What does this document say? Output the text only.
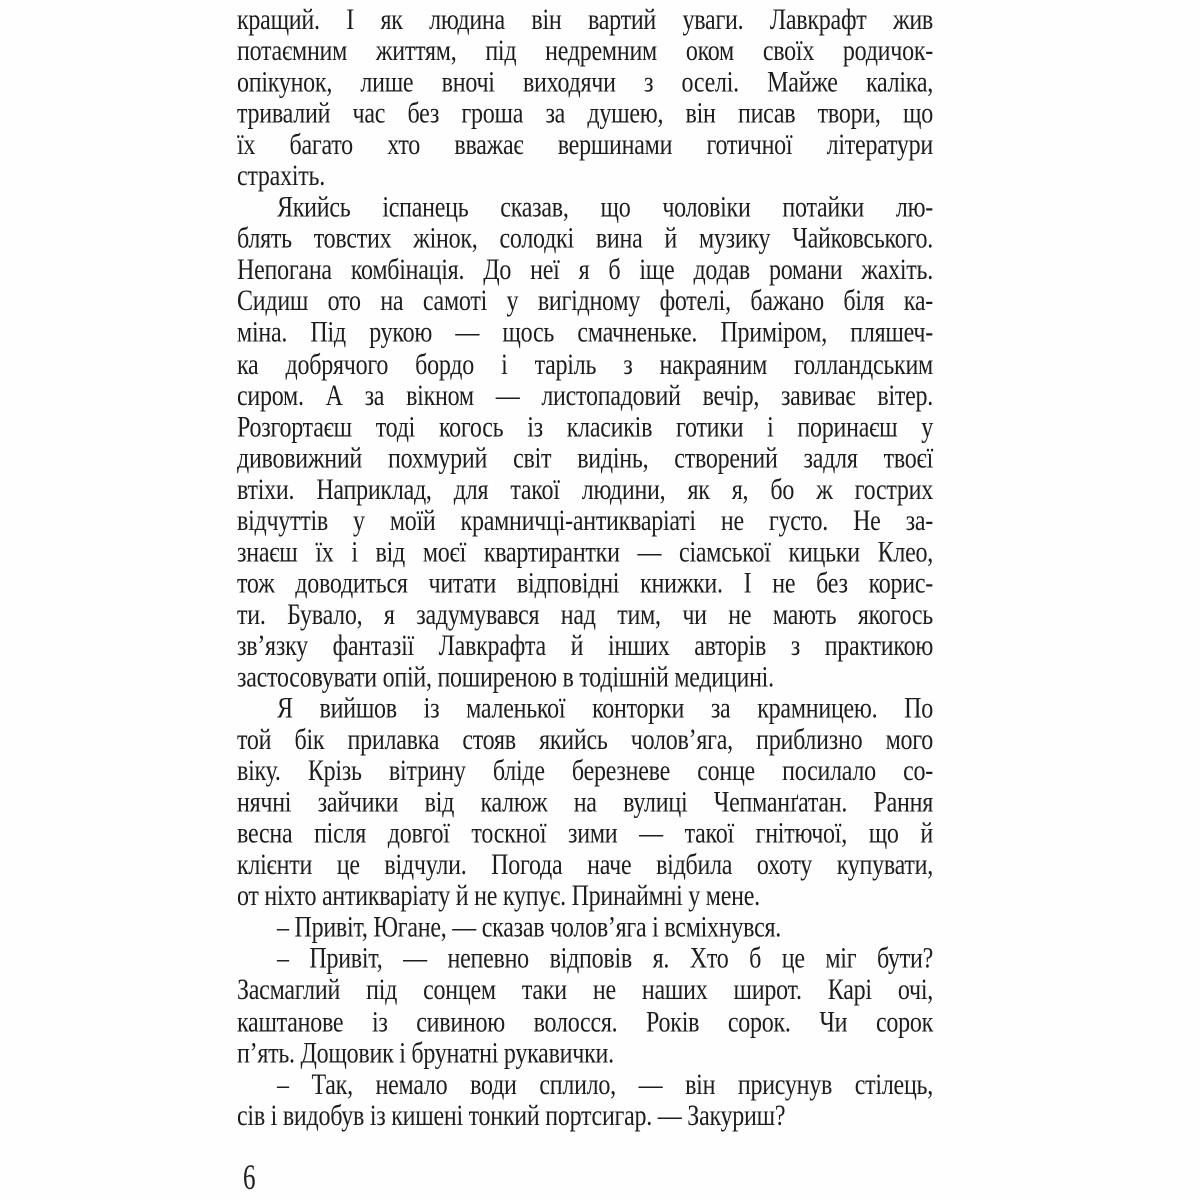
кращий. І як людина він вартий уваги. Лавкрафт жив
потаємним життям, під недремним оком своїх родичок-
опікунок, лише вночі виходячи з оселі. Майже каліка,
тривалий час без гроша за душею, він писав твори, що
їх багато хто вважає вершинами готичної літератури
страхіть.
Якийсь іспанець сказав, що чоловіки потайки лю-
блять товстих жінок, солодкі вина й музику Чайковського.
Непогана комбінація. До неї я б іще додав романи жахіть.
Сидиш ото на самоті у вигідному фотелі, бажано біля ка-
міна. Під рукою — щось смачненьке. Приміром, пляшеч-
ка добрячого бордо і таріль з накраяним голландським
сиром. А за вікном — листопадовий вечір, завиває вітер.
Розгортаєш тоді когось із класиків готики і поринаєш у
дивовижний похмурий світ видінь, створений задля твоєї
втіхи. Наприклад, для такої людини, як я, бо ж гострих
відчуттів у моїй крамничці-антикваріаті не густо. Не за-
знаєш їх і від моєї квартирантки — сіамської кицьки Клео,
тож доводиться читати відповідні книжки. І не без корис-
ти. Бувало, я задумувався над тим, чи не мають якогось
зв’язку фантазії Лавкрафта й інших авторів з практикою
застосовувати опій, поширеною в тодішній медицині.
Я вийшов із маленької конторки за крамницею. По
той бік прилавка стояв якийсь чолов’яга, приблизно мого
віку. Крізь вітрину бліде березневе сонце посилало со-
нячні зайчики від калюж на вулиці Чепманґатан. Рання
весна після довгої тоскної зими — такої гнітючої, що й
клієнти це відчули. Погода наче відбила охоту купувати,
от ніхто антикваріату й не купує. Принаймні у мене.
– Привіт, Югане, — сказав чолов’яга і всміхнувся.
– Привіт, — непевно відповів я. Хто б це міг бути?
Засмаглий під сонцем таки не наших широт. Карі очі,
каштанове із сивиною волосся. Років сорок. Чи сорок
п’ять. Дощовик і брунатні рукавички.
– Так, немало води сплило, — він присунув стілець,
сів і видобув із кишені тонкий портсигар. — Закуриш?
6
